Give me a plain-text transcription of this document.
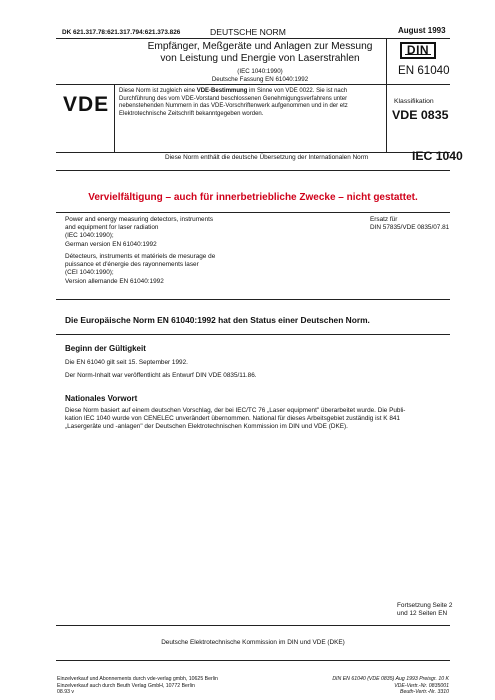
DK 621.317.78:621.317.794:621.373.826	DEUTSCHE NORM	August 1993
Empfänger, Meßgeräte und Anlagen zur Messung
von Leistung und Energie von Laserstrahlen
(IEC 1040:1990)
Deutsche Fassung EN 61040:1992
DIN
EN 61040
VDE
Diese Norm ist zugleich eine VDE-Bestimmung im Sinne von VDE 0022. Sie ist nach Durchführung des vom VDE-Vorstand beschlossenen Genehmigungsverfahrens unter nebenstehenden Nummern in das VDE-Vorschriftenwerk aufgenommen und in der etz Elektrotechnische Zeitschrift bekanntgegeben worden.
Klassifikation
VDE 0835
Diese Norm enthält die deutsche Übersetzung der Internationalen Norm	IEC 1040
Vervielfältigung – auch für innerbetriebliche Zwecke – nicht gestattet.
Power and energy measuring detectors, instruments
and equipment for laser radiation
(IEC 1040:1990);
German version EN 61040:1992
Détecteurs, instruments et matériels de mesurage de
puissance et d'énergie des rayonnements laser
(CEI 1040:1990);
Version allemande EN 61040:1992
Ersatz für
DIN 57835/VDE 0835/07.81
Die Europäische Norm EN 61040:1992 hat den Status einer Deutschen Norm.
Beginn der Gültigkeit
Die EN 61040 gilt seit 15. September 1992.
Der Norm-Inhalt war veröffentlicht als Entwurf DIN VDE 0835/11.86.
Nationales Vorwort
Diese Norm basiert auf einem deutschen Vorschlag, der bei IEC/TC 76 „Laser equipment" überarbeitet wurde. Die Publi-
kation IEC 1040 wurde von CENELEC unverändert übernommen. National für dieses Arbeitsgebiet zuständig ist K 841
„Lasergeräte und -anlagen" der Deutschen Elektrotechnischen Kommission im DIN und VDE (DKE).
Fortsetzung Seite 2
und 12 Seiten EN
Deutsche Elektrotechnische Kommission im DIN und VDE (DKE)
Einzelverkauf und Abonnements durch vde-verlag gmbh, 10625 Berlin
Einzelverkauf auch durch Beuth Verlag GmbH, 10772 Berlin
08.93 v
DIN EN 61040 (VDE 0835) Aug 1993 Preisgr. 10 K
VDE-Vertr.-Nr. 0835001
Beuth-Vertr.-Nr. 3310
